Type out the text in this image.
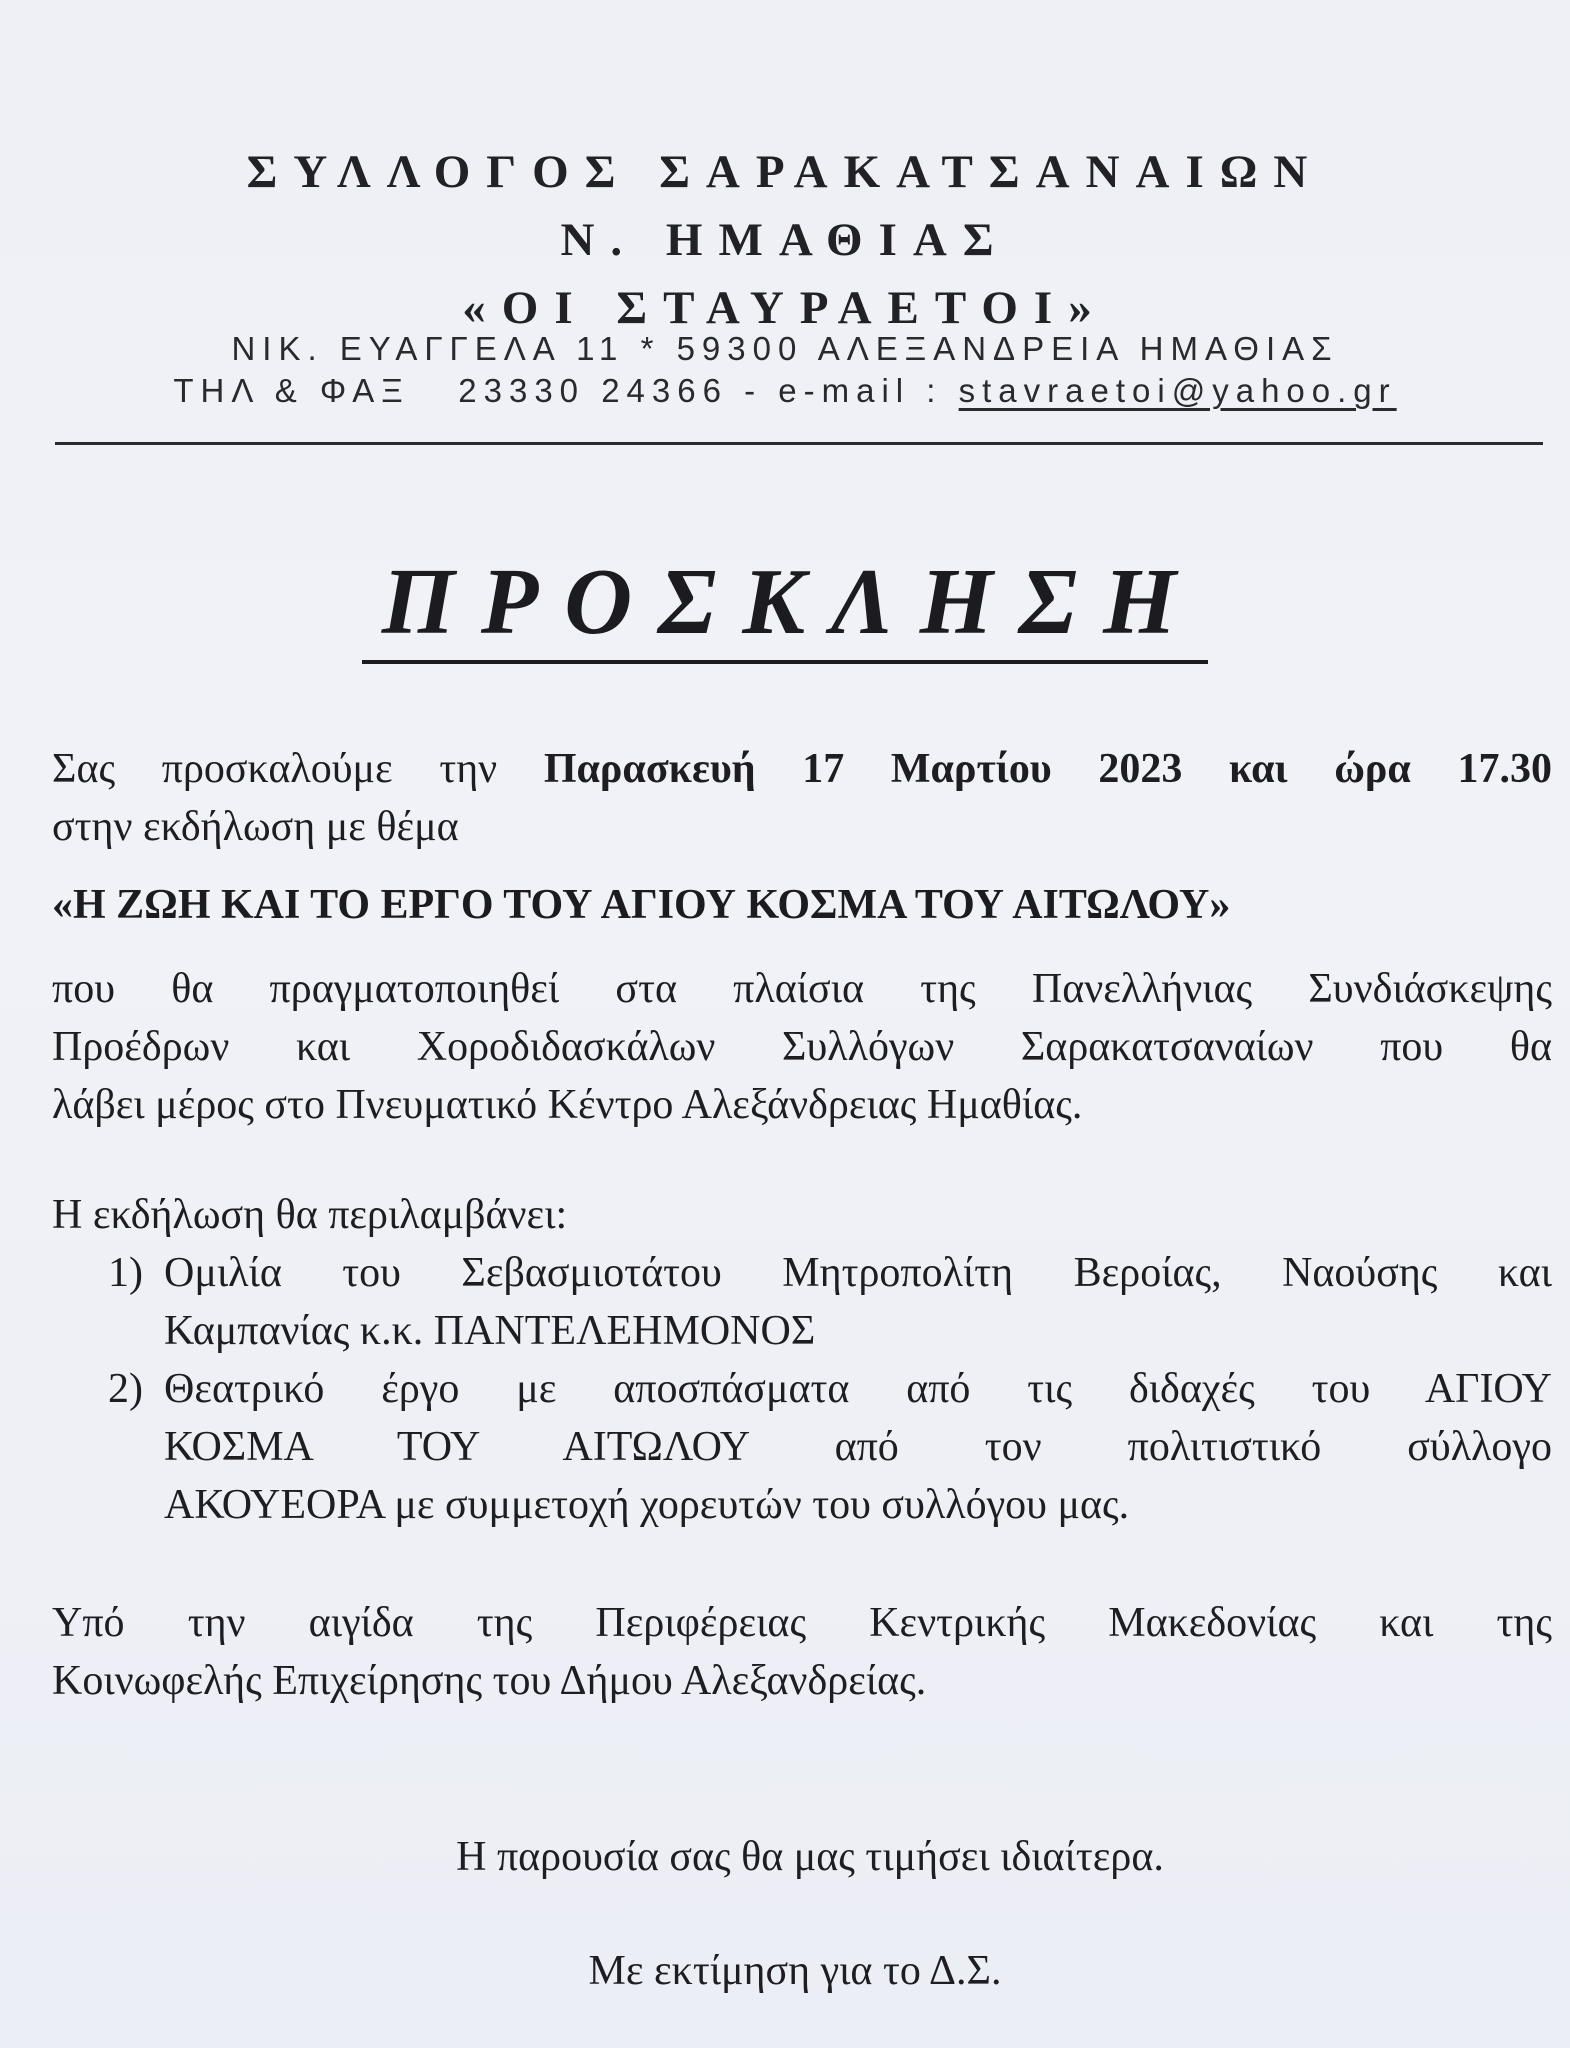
ΣΥΛΛΟΓΟΣ ΣΑΡΑΚΑΤΣΑΝΑΙΩΝ
Ν. ΗΜΑΘΙΑΣ
«ΟΙ ΣΤΑΥΡΑΕΤΟΙ»
ΝΙΚ. ΕΥΑΓΓΕΛΑ 11 * 59300 ΑΛΕΞΑΝΔΡΕΙΑ ΗΜΑΘΙΑΣ
ΤΗΛ & ΦΑΞ   23330 24366 - e-mail : stavraetoi@yahoo.gr
ΠΡΟΣΚΛΗΣΗ
Σας προσκαλούμε την Παρασκευή 17 Μαρτίου 2023 και ώρα 17.30
στην εκδήλωση με θέμα
«Η ΖΩΗ ΚΑΙ ΤΟ ΕΡΓΟ ΤΟΥ ΑΓΙΟΥ ΚΟΣΜΑ ΤΟΥ ΑΙΤΩΛΟΥ»
που θα πραγματοποιηθεί στα πλαίσια της Πανελλήνιας Συνδιάσκεψης
Προέδρων και Χοροδιδασκάλων Συλλόγων Σαρακατσαναίων που θα
λάβει μέρος στο Πνευματικό Κέντρο Αλεξάνδρειας Ημαθίας.
Η εκδήλωση θα περιλαμβάνει:
1) Ομιλία του Σεβασμιοτάτου Μητροπολίτη Βεροίας, Ναούσης και
Καμπανίας κ.κ. ΠΑΝΤΕΛΕΗΜΟΝΟΣ
2) Θεατρικό έργο με αποσπάσματα από τις διδαχές του ΑΓΙΟΥ
ΚΟΣΜΑ ΤΟΥ ΑΙΤΩΛΟΥ από τον πολιτιστικό σύλλογο
ΑΚΟΥΕΟΡΑ με συμμετοχή χορευτών του συλλόγου μας.
Υπό την αιγίδα της Περιφέρειας Κεντρικής Μακεδονίας και της
Κοινωφελής Επιχείρησης του Δήμου Αλεξανδρείας.
Η παρουσία σας θα μας τιμήσει ιδιαίτερα.
Με εκτίμηση για το Δ.Σ.
